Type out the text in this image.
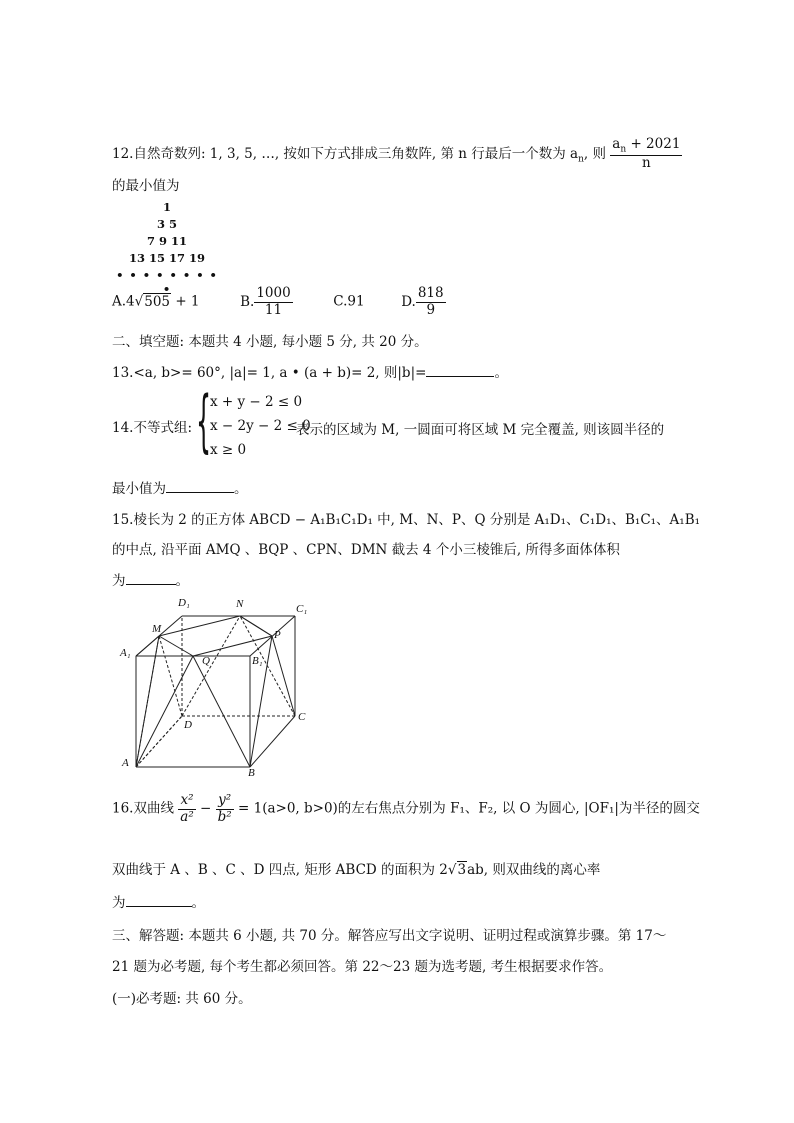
12.自然奇数列: 1, 3, 5, …, 按如下方式排成三角数阵, 第 n 行最后一个数为 $a_n$, 则 $\frac{a_n + 2021}{n}$
的最小值为
1
3 5
7 9 11
13 15 17 19
• • • • • • • • •
A.4√505 + 1	B. $\frac{1000}{11}$	C.91	D. $\frac{818}{9}$
二、填空题: 本题共 4 小题, 每小题 5 分, 共 20 分。
13.<a, b>= 60°, |a|= 1, a • (a + b)= 2, 则|b|=	。
14.不等式组: {
x + y − 2 ≤ 0
x − 2y − 2 ≤ 0
x ≥ 0
表示的区域为 M, 一圆面可将区域 M 完全覆盖, 则该圆半径的
最小值为	。
15.棱长为 2 的正方体 ABCD − A₁B₁C₁D₁ 中, M、N、P、Q 分别是 A₁D₁、C₁D₁、B₁C₁、A₁B₁
的中点, 沿平面 AMQ 、BQP 、CPN、DMN 截去 4 个小三棱锥后, 所得多面体体积
为	。
D₁	N	C₁
M	P
A₁
Q	B₁
C
D
A
B
16.双曲线 $\frac{\text{x²}}{\text{a²}} - \frac{\text{y²}}{\text{b²}} = 1(a>0$, b>0)的左右焦点分别为 F₁、F₂, 以 O 为圆心, |OF₁|为半径的圆交
双曲线于 A 、B 、C 、D 四点, 矩形 ABCD 的面积为 2√3ab, 则双曲线的离心率
为	。
三、解答题: 本题共 6 小题, 共 70 分。解答应写出文字说明、证明过程或演算步骤。第 17～
21 题为必考题, 每个考生都必须回答。第 22～23 题为选考题, 考生根据要求作答。
(一)必考题: 共 60 分。
